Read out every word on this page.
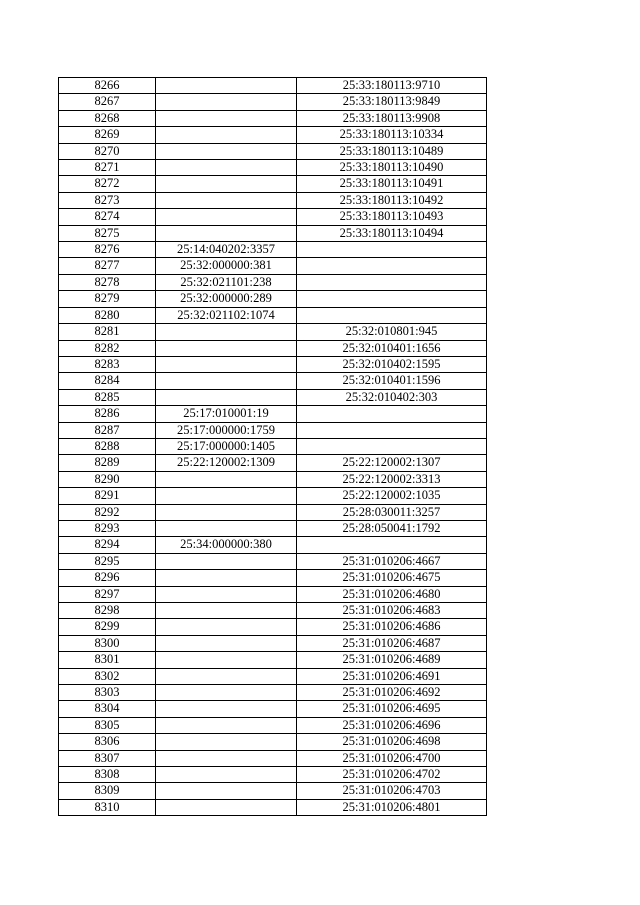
8266		25:33:180113:9710
8267		25:33:180113:9849
8268		25:33:180113:9908
8269		25:33:180113:10334
8270		25:33:180113:10489
8271		25:33:180113:10490
8272		25:33:180113:10491
8273		25:33:180113:10492
8274		25:33:180113:10493
8275		25:33:180113:10494
8276	25:14:040202:3357	
8277	25:32:000000:381	
8278	25:32:021101:238	
8279	25:32:000000:289	
8280	25:32:021102:1074	
8281		25:32:010801:945
8282		25:32:010401:1656
8283		25:32:010402:1595
8284		25:32:010401:1596
8285		25:32:010402:303
8286	25:17:010001:19	
8287	25:17:000000:1759	
8288	25:17:000000:1405	
8289	25:22:120002:1309	25:22:120002:1307
8290		25:22:120002:3313
8291		25:22:120002:1035
8292		25:28:030011:3257
8293		25:28:050041:1792
8294	25:34:000000:380	
8295		25:31:010206:4667
8296		25:31:010206:4675
8297		25:31:010206:4680
8298		25:31:010206:4683
8299		25:31:010206:4686
8300		25:31:010206:4687
8301		25:31:010206:4689
8302		25:31:010206:4691
8303		25:31:010206:4692
8304		25:31:010206:4695
8305		25:31:010206:4696
8306		25:31:010206:4698
8307		25:31:010206:4700
8308		25:31:010206:4702
8309		25:31:010206:4703
8310		25:31:010206:4801
